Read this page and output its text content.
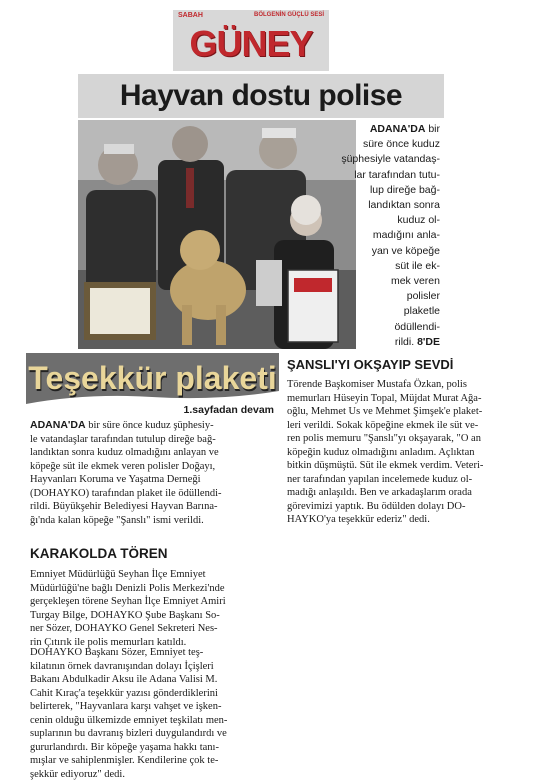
SABAH	BÖLGENİN GÜÇLÜ SESİ
GÜNEY
Hayvan dostu polise
ADANA'DA bir
süre önce kuduz
şüphesiyle vatandaş-
lar tarafından tutu-
lup direğe bağ-
landıktan sonra
kuduz ol-
madığını anla-
yan ve köpeğe
süt ile ek-
mek veren
polisler
plaketle
ödüllendi-
rildi. 8'DE
Teşekkür plaketi
1.sayfadan devam
ADANA'DA bir süre önce kuduz şüphesiy-
le vatandaşlar tarafından tutulup direğe bağ-
landıktan sonra kuduz olmadığını anlayan ve
köpeğe süt ile ekmek veren polisler Doğayı,
Hayvanları Koruma ve Yaşatma Derneği
(DOHAYKO) tarafından plaket ile ödüllendi-
rildi. Büyükşehir Belediyesi Hayvan Barına-
ğı'nda kalan köpeğe "Şanslı" ismi verildi.
KARAKOLDA TÖREN
Emniyet Müdürlüğü Seyhan İlçe Emniyet
Müdürlüğü'ne bağlı Denizli Polis Merkezi'nde
gerçekleşen törene Seyhan İlçe Emniyet Amiri
Turgay Bilge, DOHAYKO Şube Başkanı So-
ner Sözer, DOHAYKO Genel Sekreteri Nes-
rin Çıtırık ile polis memurları katıldı.
DOHAYKO Başkanı Sözer, Emniyet teş-
kilatının örnek davranışından dolayı İçişleri
Bakanı Abdulkadir Aksu ile Adana Valisi M.
Cahit Kıraç'a teşekkür yazısı gönderdiklerini
belirterek, "Hayvanlara karşı vahşet ve işken-
cenin olduğu ülkemizde emniyet teşkilatı men-
suplarının bu davranış bizleri duygulandırdı ve
gururlandırdı. Bir köpeğe yaşama hakkı tanı-
mışlar ve sahiplenmişler. Kendilerine çok te-
şekkür ediyoruz" dedi.
ŞANSLI'YI OKŞAYIP SEVDİ
Törende Başkomiser Mustafa Özkan, polis
memurları Hüseyin Topal, Müjdat Murat Ağa-
oğlu, Mehmet Us ve Mehmet Şimşek'e plaket-
leri verildi. Sokak köpeğine ekmek ile süt ve-
ren polis memuru "Şanslı"yı okşayarak, "O an
köpeğin kuduz olmadığını anladım. Açlıktan
bitkin düşmüştü. Süt ile ekmek verdim. Veteri-
ner tarafından yapılan incelemede kuduz ol-
madığı anlaşıldı. Ben ve arkadaşlarım orada
görevimizi yaptık. Bu ödülden dolayı DO-
HAYKO'ya teşekkür ederiz" dedi.
